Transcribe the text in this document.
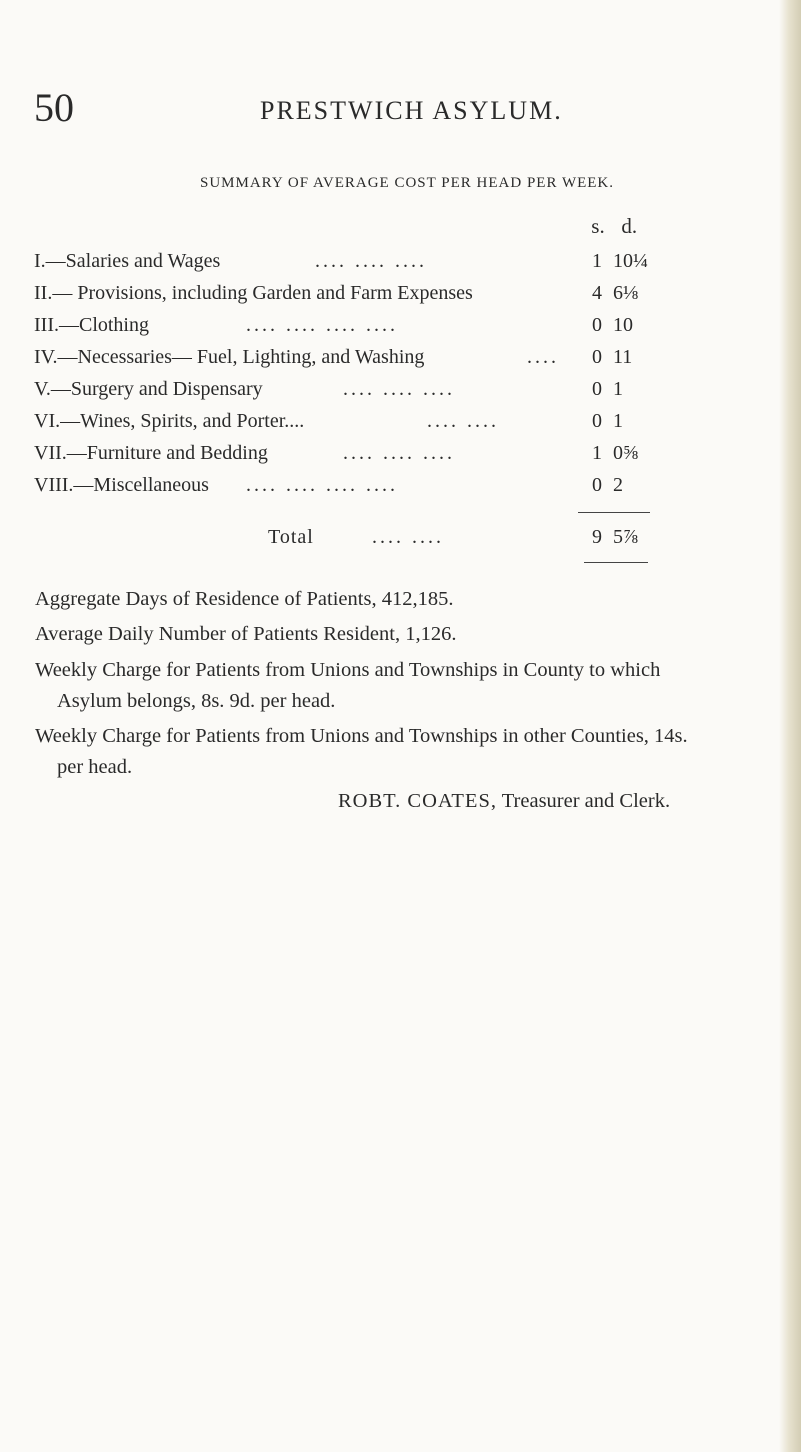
50	PRESTWICH ASYLUM.
SUMMARY OF AVERAGE COST PER HEAD PER WEEK.
s. d.
I.—Salaries and Wages	.... .... ....	1 10¼
II.— Provisions, including Garden and Farm Expenses	4 6⅛
III.—Clothing	.... .... .... ....	0 10
IV.—Necessaries— Fuel, Lighting, and Washing	....	0 11
V.—Surgery and Dispensary	.... .... ....	0 1
VI.—Wines, Spirits, and Porter....	.... ....	0 1
VII.—Furniture and Bedding	.... .... ....	1 0⅝
VIII.—Miscellaneous .... .... .... ....	0 2
Total	.... ....	9 5⅞
Aggregate Days of Residence of Patients, 412,185.
Average Daily Number of Patients Resident, 1,126.
Weekly Charge for Patients from Unions and Townships in County to which
Asylum belongs, 8s. 9d. per head.
Weekly Charge for Patients from Unions and Townships in other Counties, 14s.
per head.
ROBT. COATES, Treasurer and Clerk.
